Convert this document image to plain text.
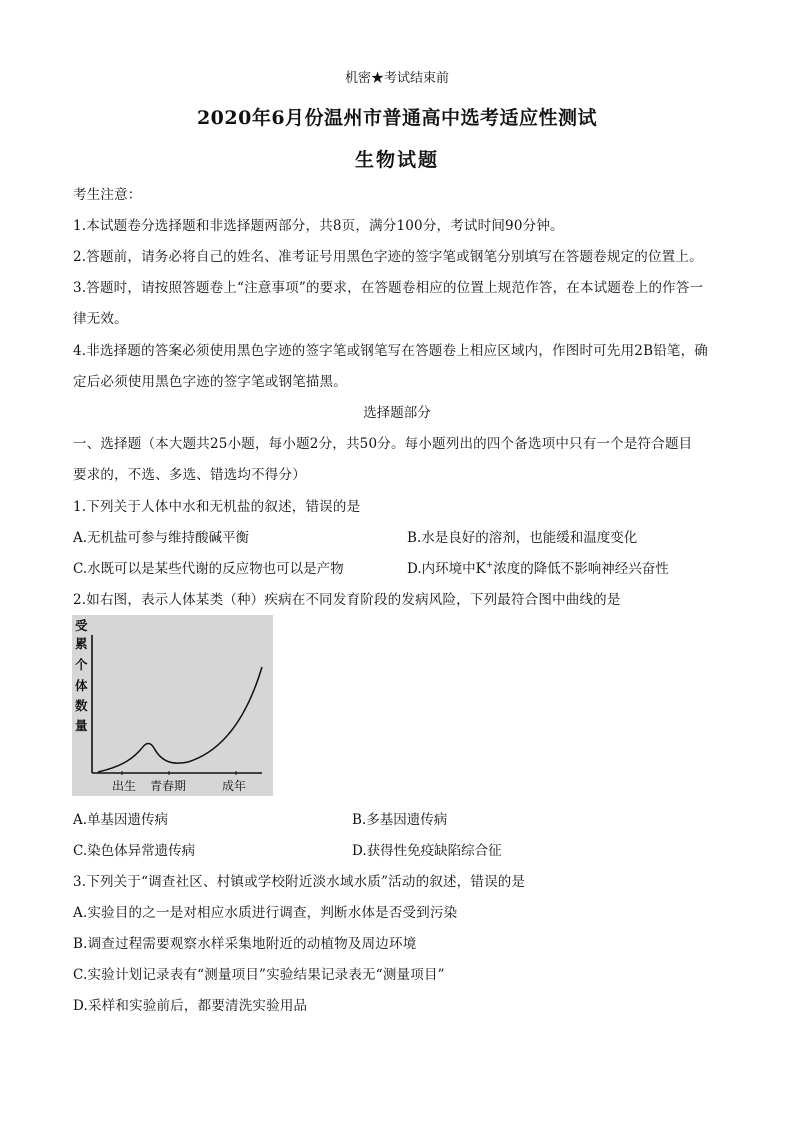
机密★考试结束前
2020年6月份温州市普通高中选考适应性测试
生物试题
考生注意：
1.本试题卷分选择题和非选择题两部分，共8页，满分100分，考试时间90分钟。
2.答题前，请务必将自己的姓名、准考证号用黑色字迹的签字笔或钢笔分别填写在答题卷规定的位置上。
3.答题时，请按照答题卷上“注意事项”的要求，在答题卷相应的位置上规范作答，在本试题卷上的作答一
律无效。
4.非选择题的答案必须使用黑色字迹的签字笔或钢笔写在答题卷上相应区域内，作图时可先用2B铅笔，确
定后必须使用黑色字迹的签字笔或钢笔描黑。
选择题部分
一、选择题（本大题共25小题，每小题2分，共50分。每小题列出的四个备选项中只有一个是符合题目
要求的，不选、多选、错选均不得分）
1.下列关于人体中水和无机盐的叙述，错误的是
A.无机盐可参与维持酸碱平衡	B.水是良好的溶剂，也能缓和温度变化
C.水既可以是某些代谢的反应物也可以是产物	D.内环境中K+浓度的降低不影响神经兴奋性
2.如右图，表示人体某类（种）疾病在不同发育阶段的发病风险，下列最符合图中曲线的是
受
累
个
体
数
量
出生 青春期	成年
A.单基因遗传病	B.多基因遗传病
C.染色体异常遗传病	D.获得性免疫缺陷综合征
3.下列关于“调查社区、村镇或学校附近淡水域水质”活动的叙述，错误的是
A.实验目的之一是对相应水质进行调查，判断水体是否受到污染
B.调查过程需要观察水样采集地附近的动植物及周边环境
C.实验计划记录表有“测量项目”实验结果记录表无“测量项目”
D.采样和实验前后，都要清洗实验用品
